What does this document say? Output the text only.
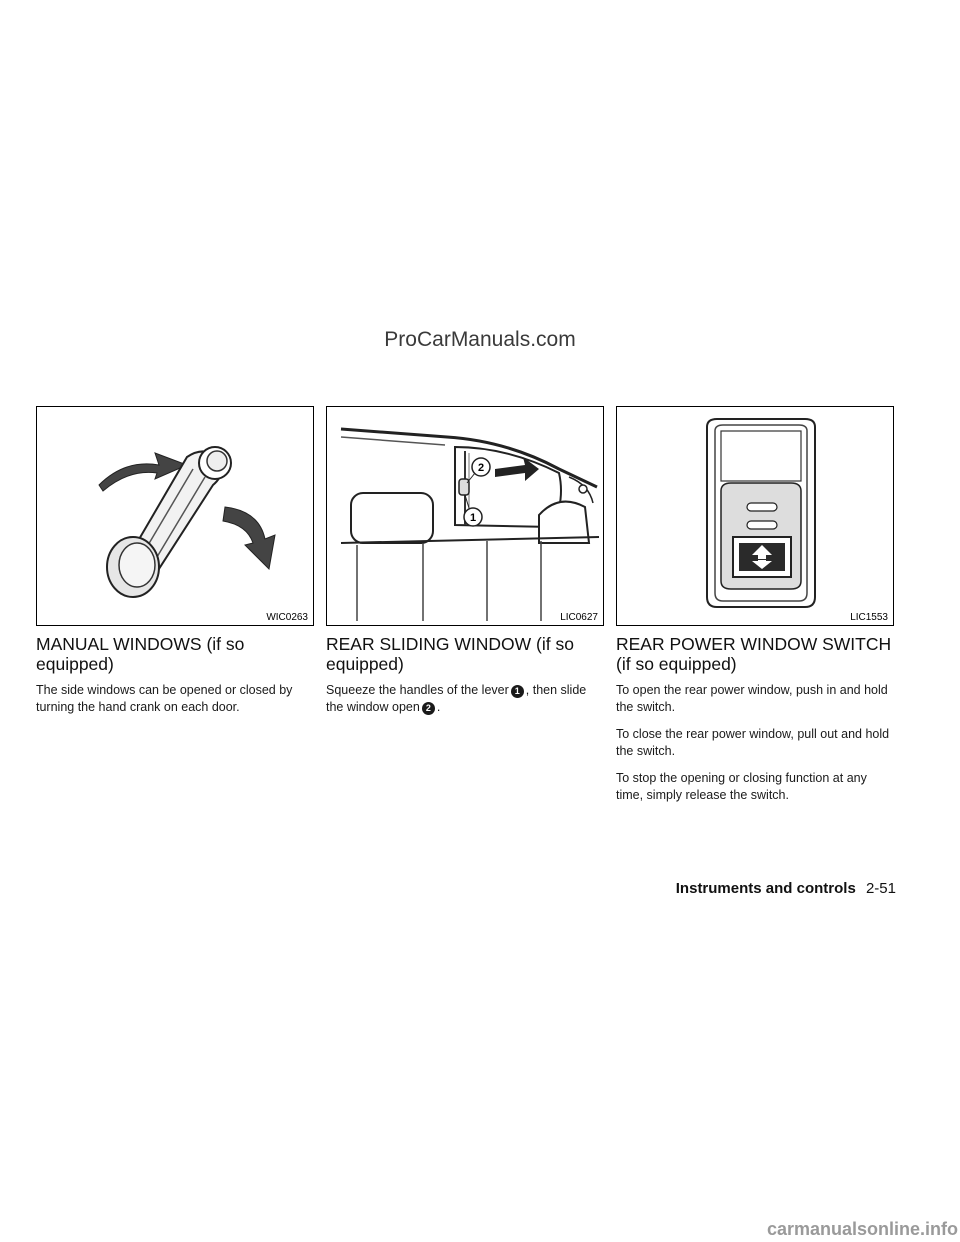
ProCarManuals.com
WIC0263
MANUAL WINDOWS (if so equipped)

The side windows can be opened or closed by turning the hand crank on each door.

2
1
LIC0627
REAR SLIDING WINDOW (if so equipped)

Squeeze the handles of the lever 1 , then slide the window open 2 .

LIC1553
REAR POWER WINDOW SWITCH (if so equipped)

To open the rear power window, push in and hold the switch.

To close the rear power window, pull out and hold the switch.

To stop the opening or closing function at any time, simply release the switch.

Instruments and controls 2-51
carmanualsonline.info
